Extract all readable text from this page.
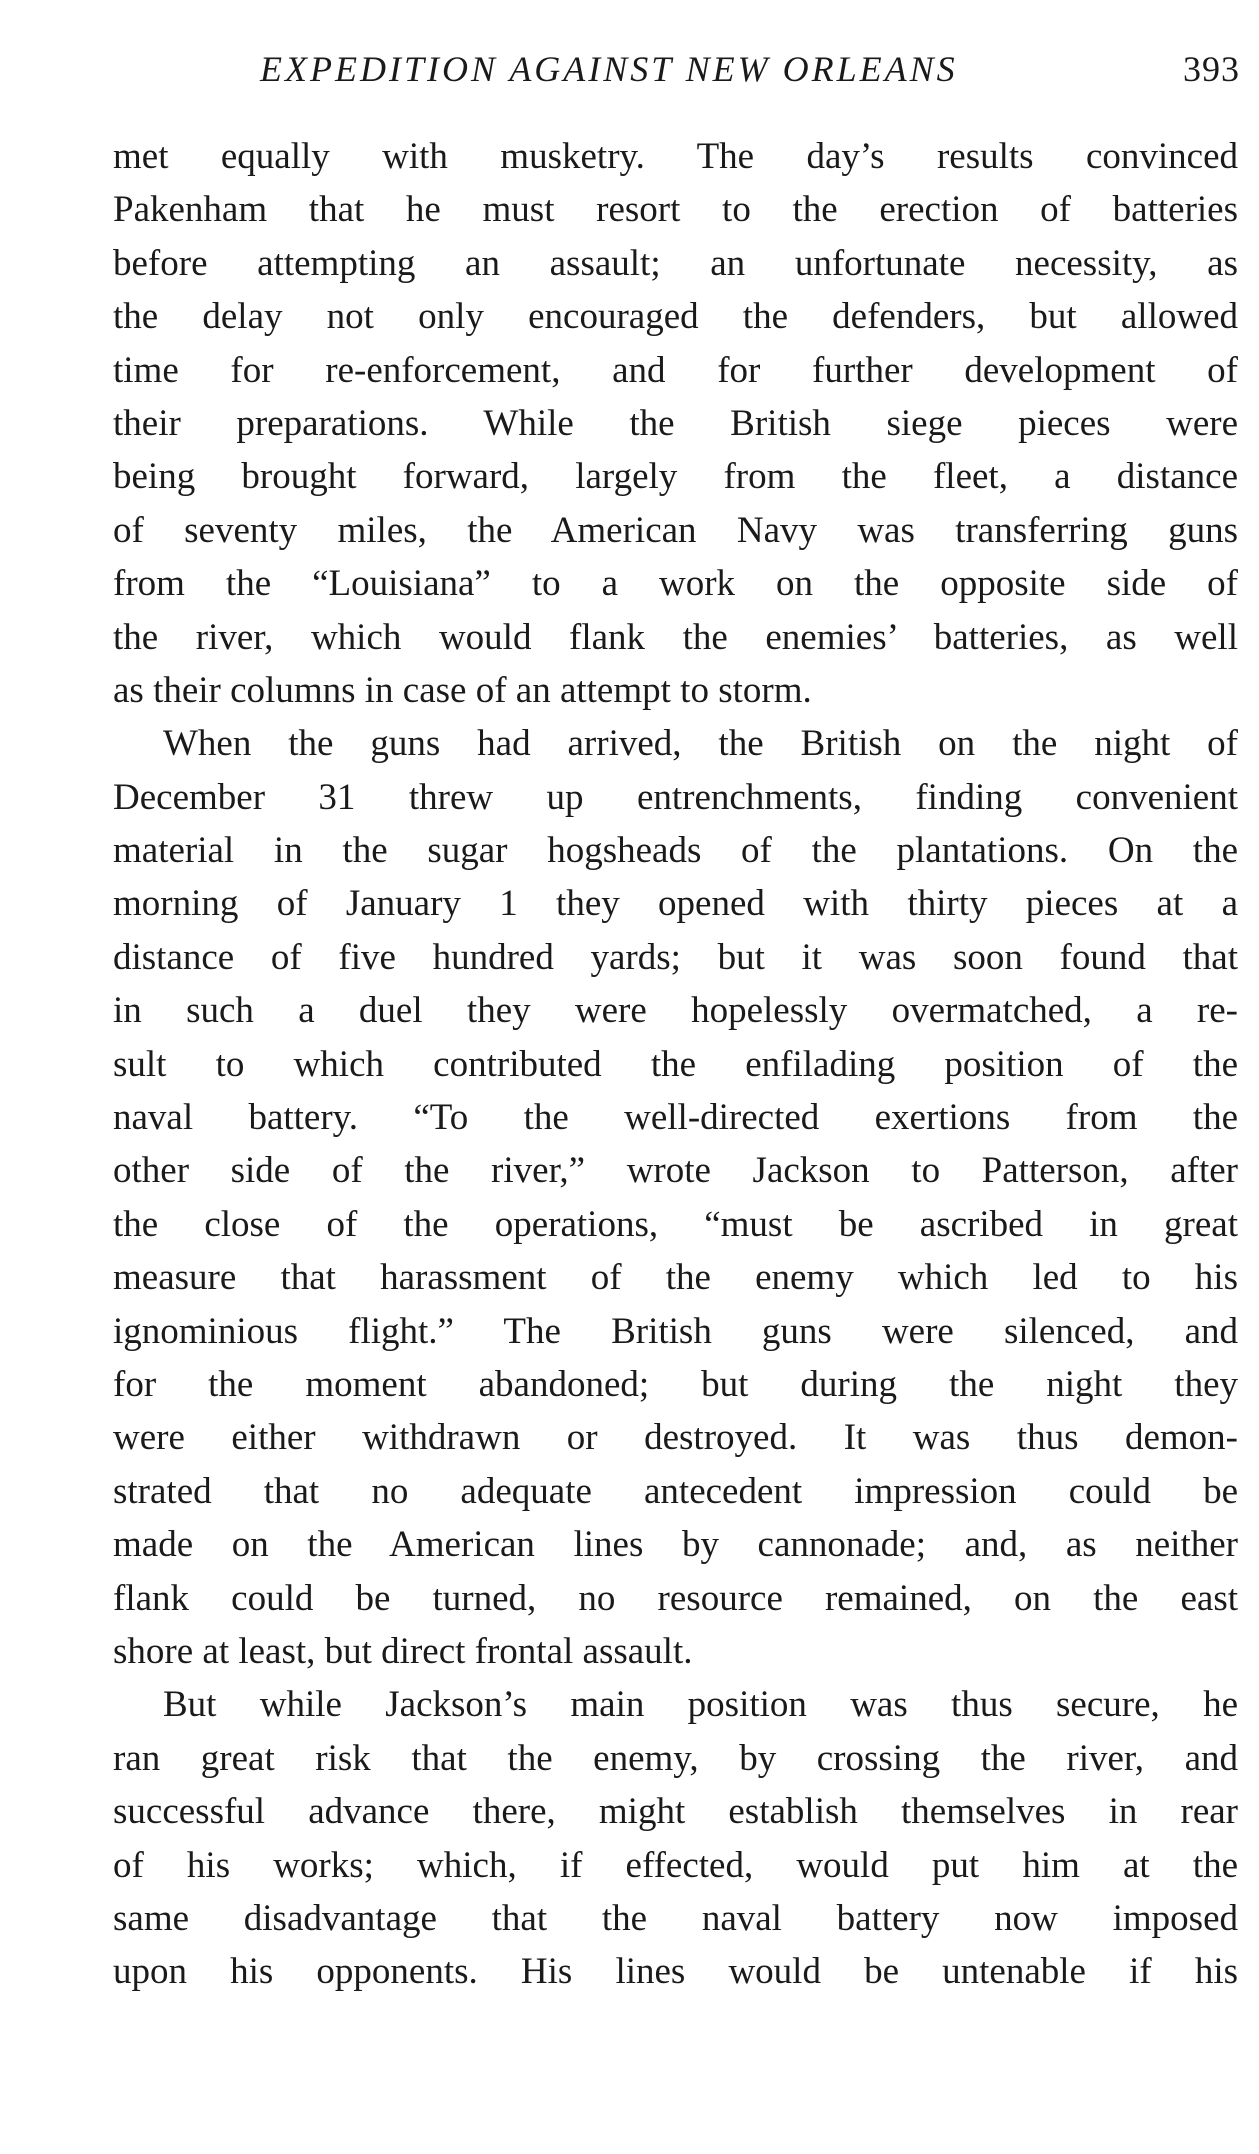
EXPEDITION AGAINST NEW ORLEANS	393
met equally with musketry. The day’s results convinced
Pakenham that he must resort to the erection of batteries
before attempting an assault; an unfortunate necessity, as
the delay not only encouraged the defenders, but allowed
time for re-enforcement, and for further development of
their preparations. While the British siege pieces were
being brought forward, largely from the fleet, a distance
of seventy miles, the American Navy was transferring guns
from the “Louisiana” to a work on the opposite side of
the river, which would flank the enemies’ batteries, as well
as their columns in case of an attempt to storm.
When the guns had arrived, the British on the night of
December 31 threw up entrenchments, finding convenient
material in the sugar hogsheads of the plantations. On the
morning of January 1 they opened with thirty pieces at a
distance of five hundred yards; but it was soon found that
in such a duel they were hopelessly overmatched, a re-
sult to which contributed the enfilading position of the
naval battery. “To the well-directed exertions from the
other side of the river,” wrote Jackson to Patterson, after
the close of the operations, “must be ascribed in great
measure that harassment of the enemy which led to his
ignominious flight.” The British guns were silenced, and
for the moment abandoned; but during the night they
were either withdrawn or destroyed. It was thus demon-
strated that no adequate antecedent impression could be
made on the American lines by cannonade; and, as neither
flank could be turned, no resource remained, on the east
shore at least, but direct frontal assault.
But while Jackson’s main position was thus secure, he
ran great risk that the enemy, by crossing the river, and
successful advance there, might establish themselves in rear
of his works; which, if effected, would put him at the
same disadvantage that the naval battery now imposed
upon his opponents. His lines would be untenable if his
